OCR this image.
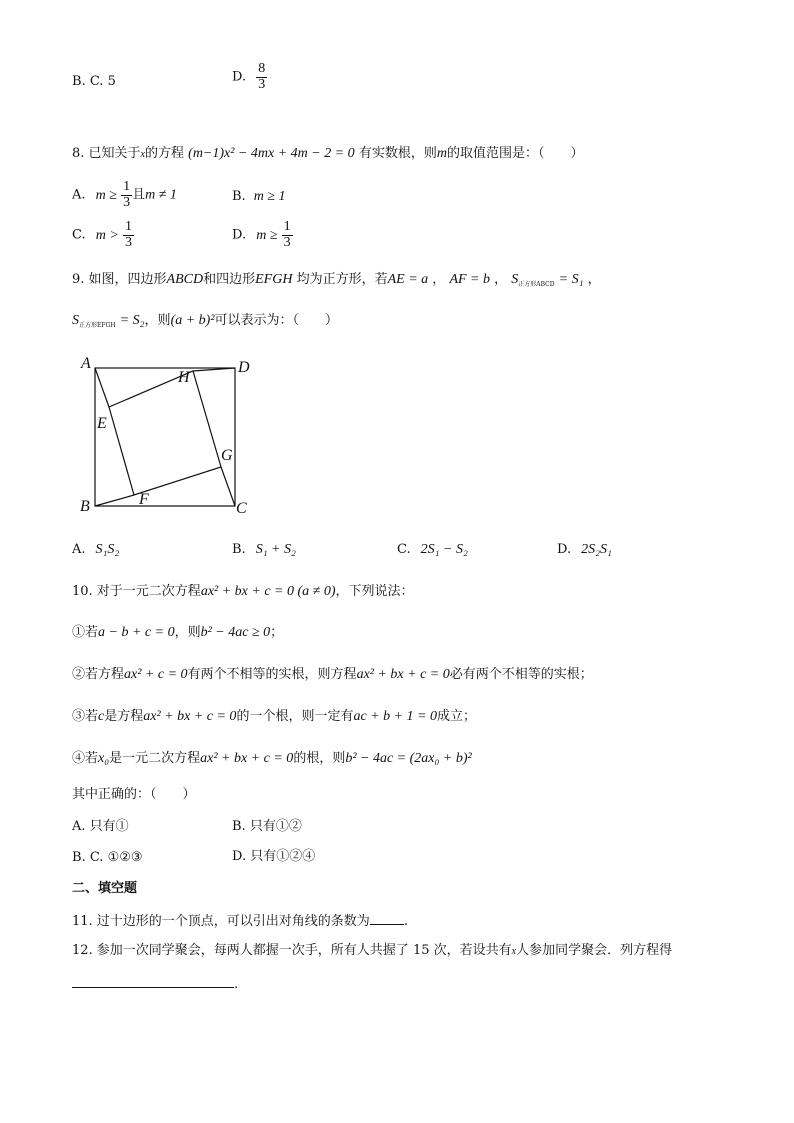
B. C. 5	D. $\frac{8}{3}$
8. 已知关于x的方程 (m−1)x² − 4mx + 4m − 2 = 0 有实数根，则m的取值范围是：（　　）
A. $m \ge \frac{1}{3}$ 且m ≠ 1	B. m ≥ 1
C. $m > \frac{1}{3}$	D. $m \ge \frac{1}{3}$
9. 如图，四边形ABCD和四边形EFGH 均为正方形，若AE = a ， AF = b ， $S_{正方形ABCD} = S_1$ ，
$S_{正方形EFGH} = S_2$，则(a + b)²可以表示为：（　　）
A	D
B	C
E
H
G
F
A. S₁S₂	B. S₁ + S₂	C. 2S₁ − S₂	D. 2S₂S₁
10. 对于一元二次方程ax² + bx + c = 0 (a ≠ 0)，下列说法：
①若a − b + c = 0，则b² − 4ac ≥ 0；
②若方程ax² + c = 0有两个不相等的实根，则方程ax² + bx + c = 0必有两个不相等的实根；
③若c是方程ax² + bx + c = 0的一个根，则一定有ac + b + 1 = 0成立；
④若x₀是一元二次方程ax² + bx + c = 0的根，则b² − 4ac = (2ax₀ + b)²
其中正确的：（　　）
A. 只有①	B. 只有①②
B. C. ①②③	D. 只有①②④
二、填空题
11. 过十边形的一个顶点，可以引出对角线的条数为	.
12. 参加一次同学聚会，每两人都握一次手，所有人共握了 15 次，若设共有x人参加同学聚会．列方程得
.
